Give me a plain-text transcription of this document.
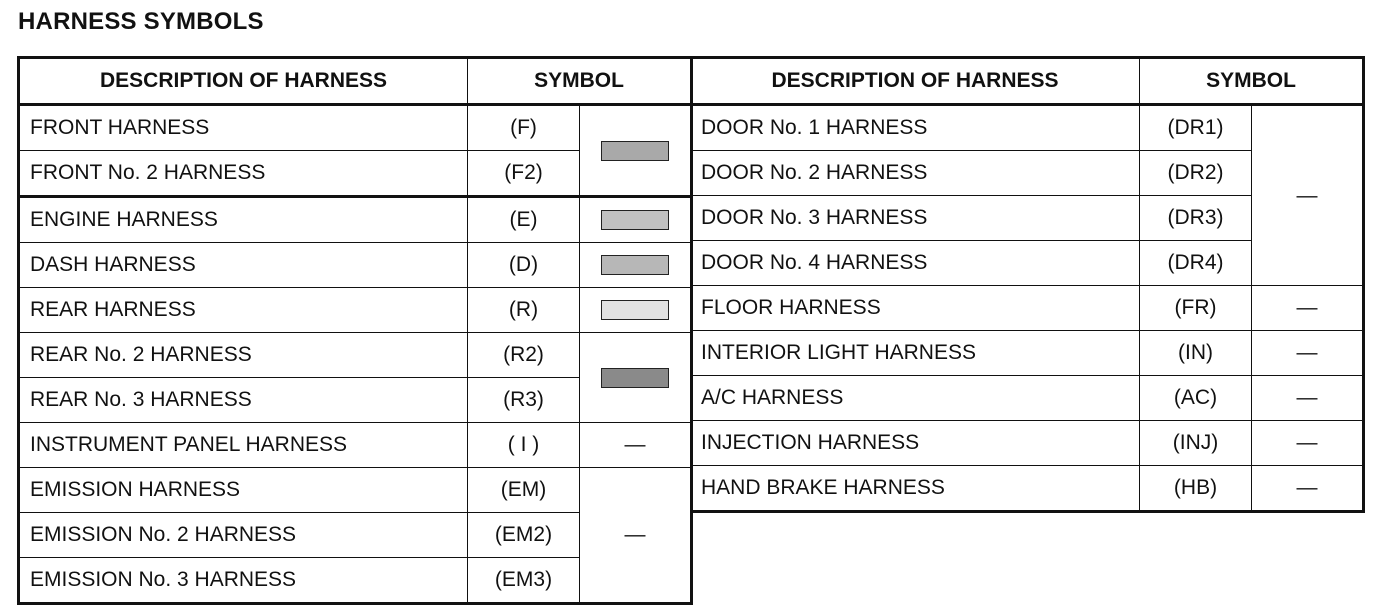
HARNESS SYMBOLS
DESCRIPTION OF HARNESS	SYMBOL	
FRONT HARNESS	(F)	
FRONT No. 2 HARNESS	(F2)	
ENGINE HARNESS	(E)	
DASH HARNESS	(D)	
REAR HARNESS	(R)	
REAR No. 2 HARNESS	(R2)	
REAR No. 3 HARNESS	(R3)	
INSTRUMENT PANEL HARNESS	( I )	—
EMISSION HARNESS	(EM)	—
EMISSION No. 2 HARNESS	(EM2)	
EMISSION No. 3 HARNESS	(EM3)	
DESCRIPTION OF HARNESS	SYMBOL	
DOOR No. 1 HARNESS	(DR1)	—
DOOR No. 2 HARNESS	(DR2)	
DOOR No. 3 HARNESS	(DR3)	
DOOR No. 4 HARNESS	(DR4)	
FLOOR HARNESS	(FR)	—
INTERIOR LIGHT HARNESS	(IN)	—
A/C HARNESS	(AC)	—
INJECTION HARNESS	(INJ)	—
HAND BRAKE HARNESS	(HB)	—
